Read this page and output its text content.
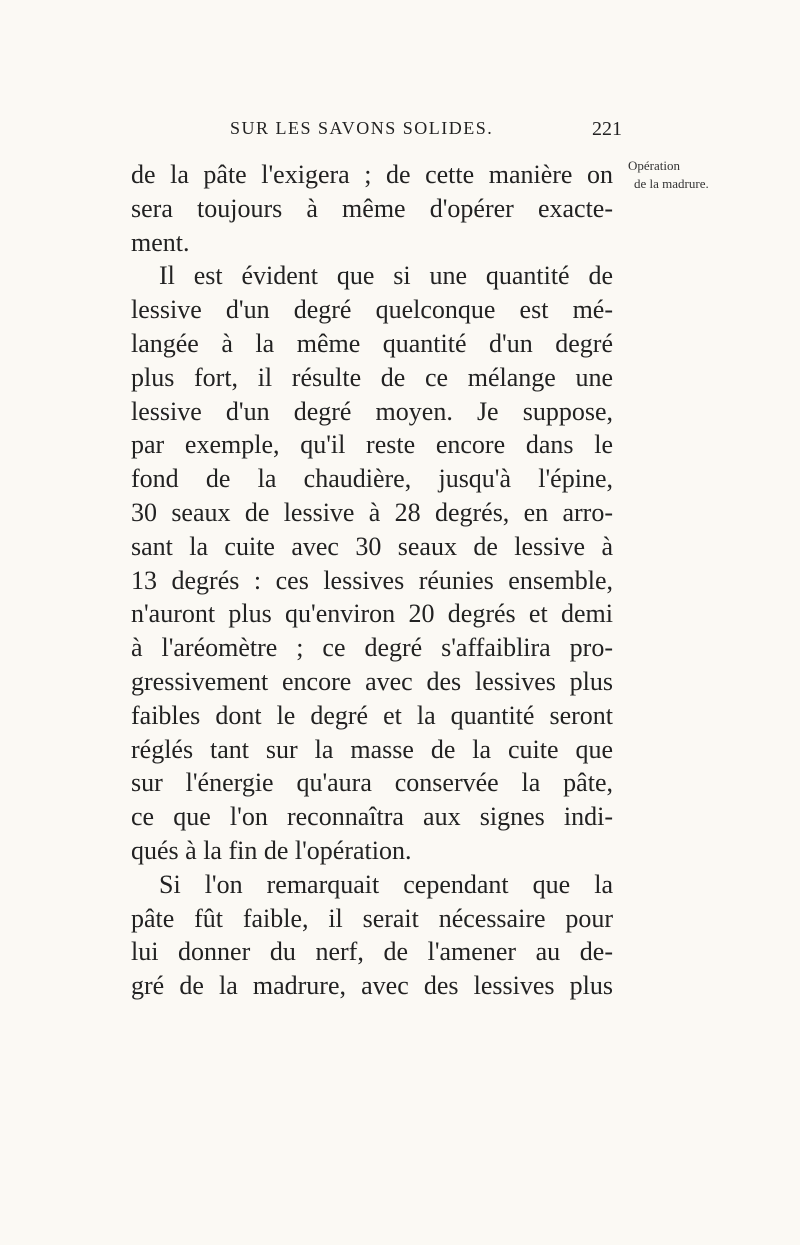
SUR LES SAVONS SOLIDES.	221
Opération
de la madrure.
de la pâte l'exigera ; de cette manière on
sera toujours à même d'opérer exacte-
ment.
Il est évident que si une quantité de
lessive d'un degré quelconque est mé-
langée à la même quantité d'un degré
plus fort, il résulte de ce mélange une
lessive d'un degré moyen. Je suppose,
par exemple, qu'il reste encore dans le
fond de la chaudière, jusqu'à l'épine,
30 seaux de lessive à 28 degrés, en arro-
sant la cuite avec 30 seaux de lessive à
13 degrés : ces lessives réunies ensemble,
n'auront plus qu'environ 20 degrés et demi
à l'aréomètre ; ce degré s'affaiblira pro-
gressivement encore avec des lessives plus
faibles dont le degré et la quantité seront
réglés tant sur la masse de la cuite que
sur l'énergie qu'aura conservée la pâte,
ce que l'on reconnaîtra aux signes indi-
qués à la fin de l'opération.
Si l'on remarquait cependant que la
pâte fût faible, il serait nécessaire pour
lui donner du nerf, de l'amener au de-
gré de la madrure, avec des lessives plus
